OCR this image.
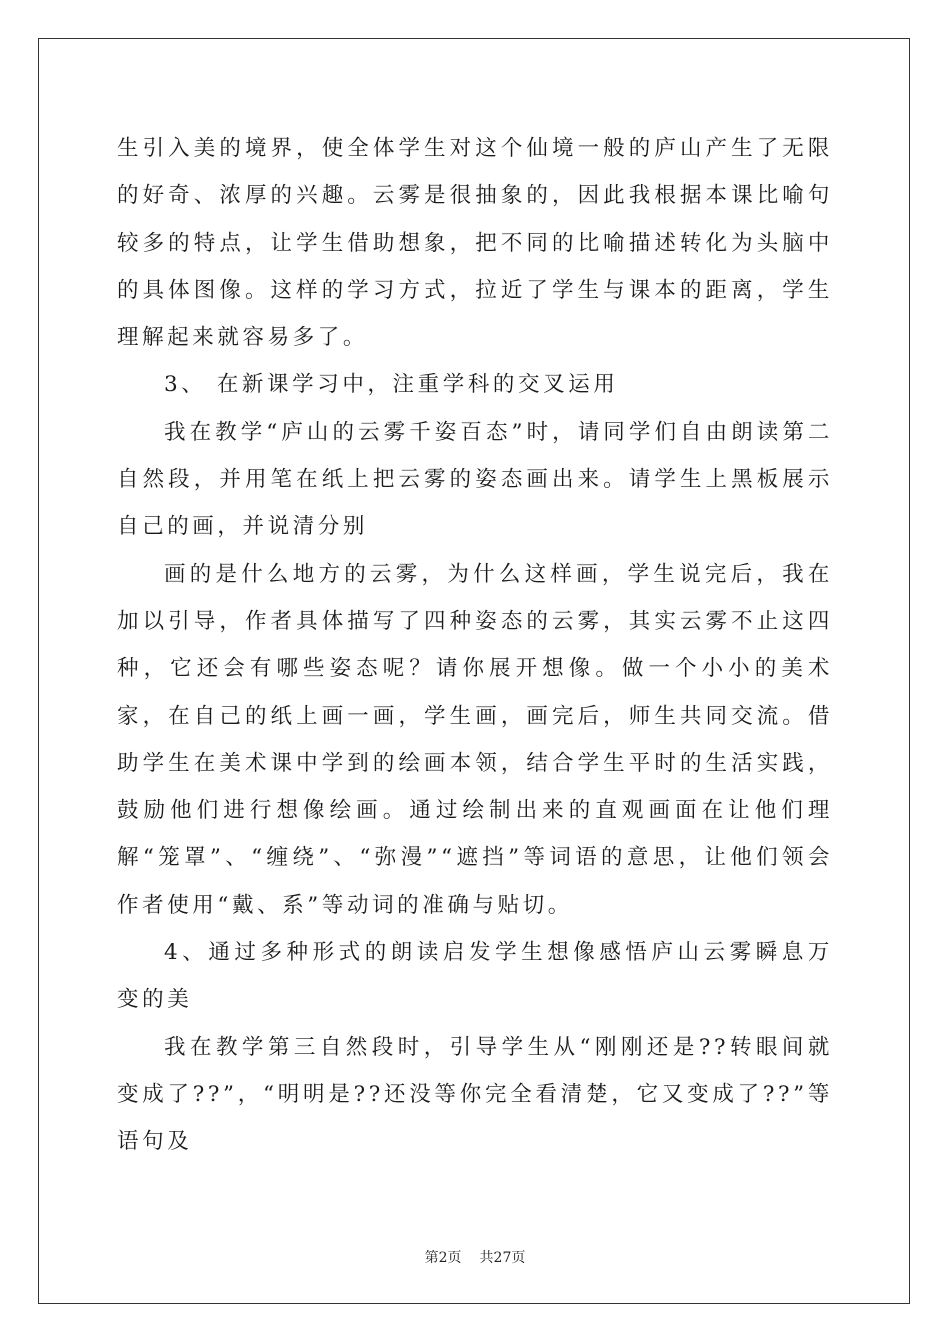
生引入美的境界，使全体学生对这个仙境一般的庐山产生了无限的好奇、浓厚的兴趣。云雾是很抽象的，因此我根据本课比喻句较多的特点，让学生借助想象，把不同的比喻描述转化为头脑中的具体图像。这样的学习方式，拉近了学生与课本的距离，学生理解起来就容易多了。

3、 在新课学习中，注重学科的交叉运用

我在教学“庐山的云雾千姿百态”时，请同学们自由朗读第二自然段，并用笔在纸上把云雾的姿态画出来。请学生上黑板展示自己的画，并说清分别

画的是什么地方的云雾，为什么这样画，学生说完后，我在加以引导，作者具体描写了四种姿态的云雾，其实云雾不止这四种，它还会有哪些姿态呢？请你展开想像。做一个小小的美术家，在自己的纸上画一画，学生画，画完后，师生共同交流。借助学生在美术课中学到的绘画本领，结合学生平时的生活实践，鼓励他们进行想像绘画。通过绘制出来的直观画面在让他们理解“笼罩”、“缠绕”、“弥漫”“遮挡”等词语的意思，让他们领会作者使用“戴、系”等动词的准确与贴切。

4、通过多种形式的朗读启发学生想像感悟庐山云雾瞬息万变的美

我在教学第三自然段时，引导学生从“刚刚还是??转眼间就变成了??”，“明明是??还没等你完全看清楚，它又变成了??”等语句及

第2页 共27页
